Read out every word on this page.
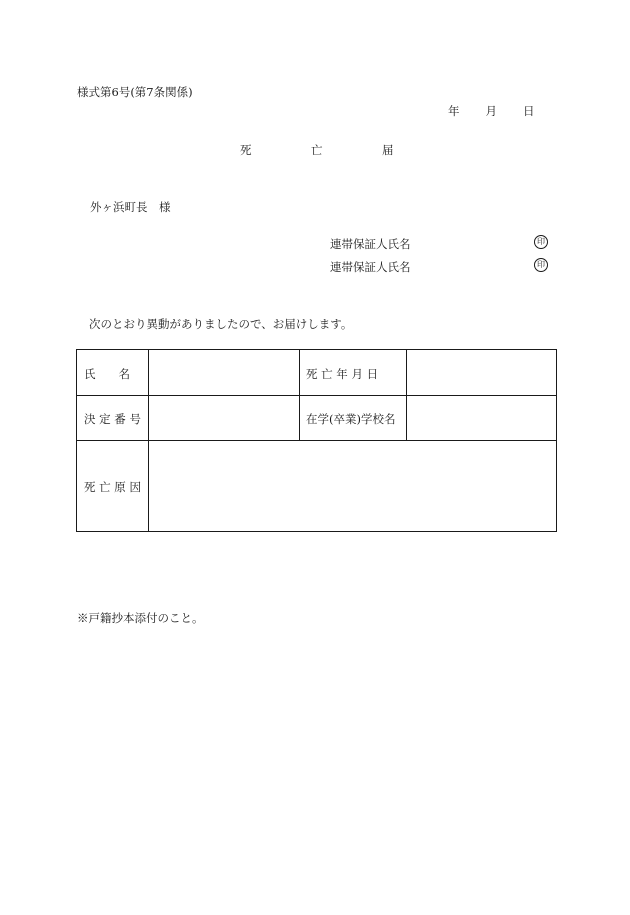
様式第6号(第7条関係)
年 月 日
死	亡	届
外ヶ浜町長　様
連帯保証人氏名	印
連帯保証人氏名	印
次のとおり異動がありましたので、お届けします。
氏　　名	死 亡 年 月 日
決 定 番 号	在学(卒業)学校名
死 亡 原 因
※戸籍抄本添付のこと。
